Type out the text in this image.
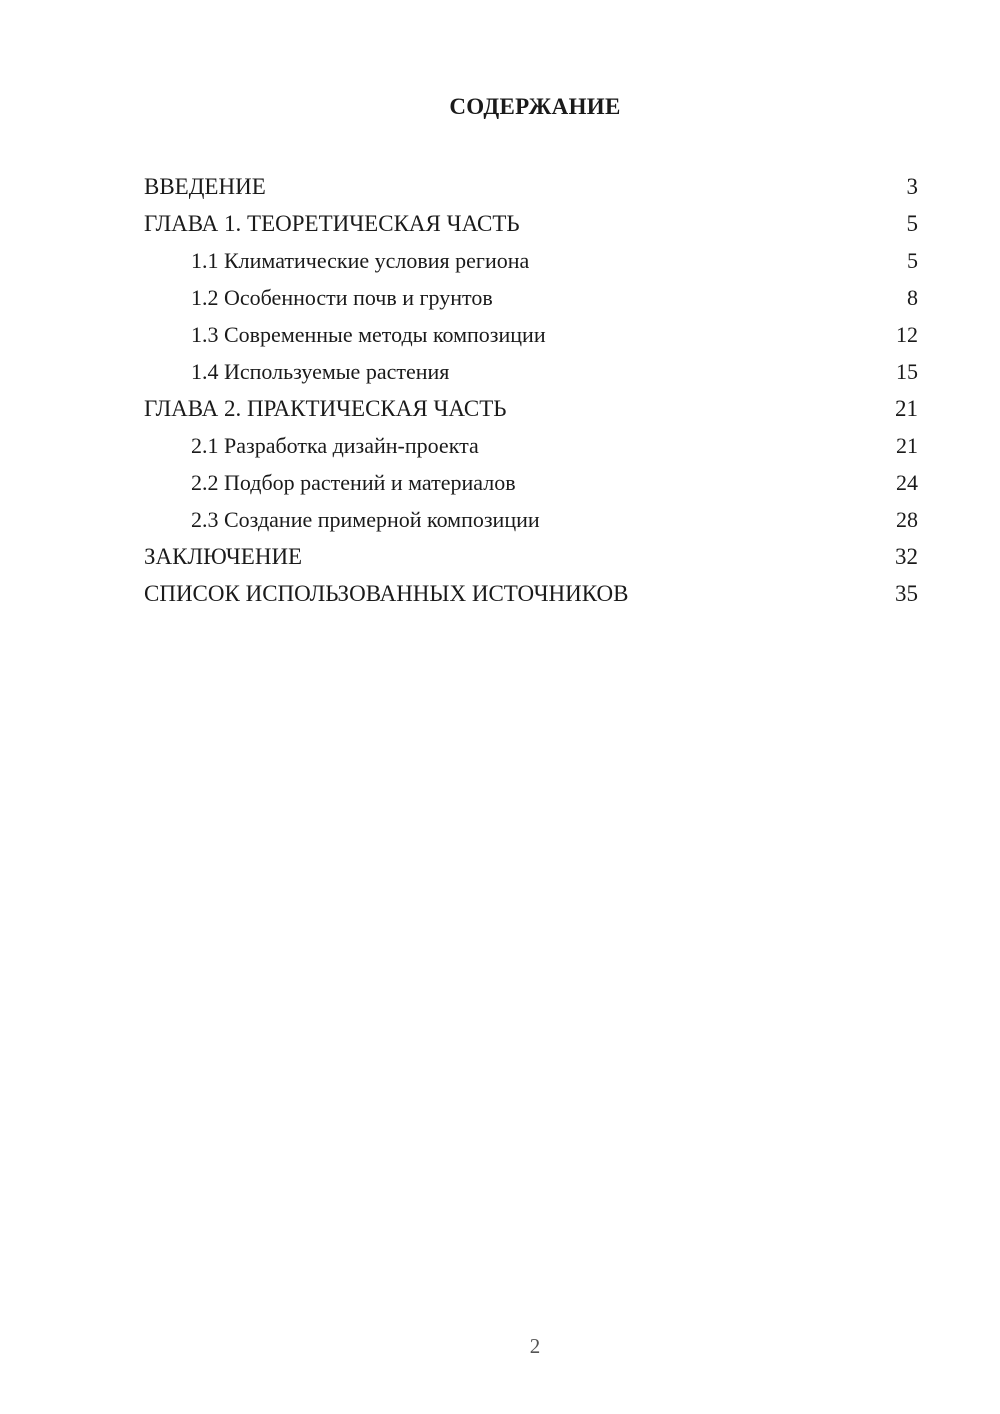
СОДЕРЖАНИЕ
ВВЕДЕНИЕ	3
ГЛАВА 1. ТЕОРЕТИЧЕСКАЯ ЧАСТЬ	5
1.1 Климатические условия региона	5
1.2 Особенности почв и грунтов	8
1.3 Современные методы композиции	12
1.4 Используемые растения	15
ГЛАВА 2. ПРАКТИЧЕСКАЯ ЧАСТЬ	21
2.1 Разработка дизайн-проекта	21
2.2 Подбор растений и материалов	24
2.3 Создание примерной композиции	28
ЗАКЛЮЧЕНИЕ	32
СПИСОК ИСПОЛЬЗОВАННЫХ ИСТОЧНИКОВ	35
2
